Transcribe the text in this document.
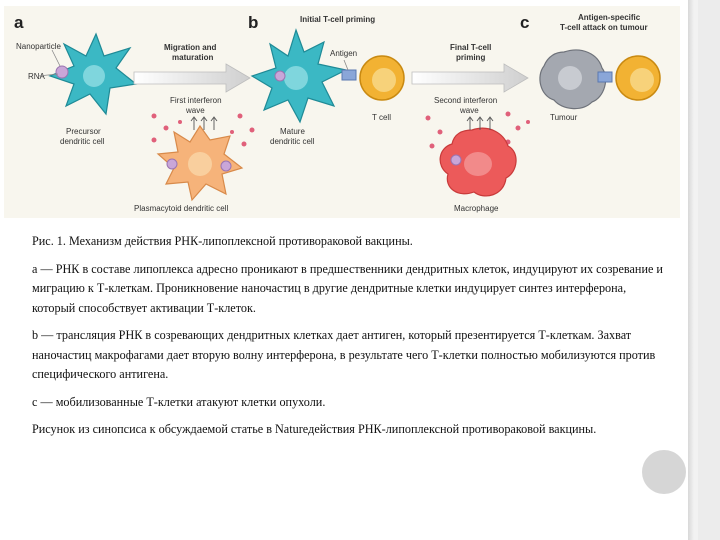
a
Nanoparticle
RNA
Precursor
dendritic cell
Migration and
maturation
First interferon
wave
Plasmacytoid dendritic cell
b	Initial T-cell priming
Antigen
Mature
dendritic cell
T cell
Final T-cell
priming
Second interferon
wave
Macrophage
c	Antigen-specific
T-cell attack on tumour
Tumour

Рис. 1. Механизм действия РНК-липоплексной противораковой вакцины.

a — РНК в составе липоплекса адресно проникают в предшественники дендритных клеток, индуцируют их созревание и миграцию к Т-клеткам. Проникновение наночастиц в другие дендритные клетки индуцирует синтез интерферона, который способствует активации Т-клеток.

b — трансляция РНК в созревающих дендритных клетках дает антиген, который презентируется Т-клеткам. Захват наночастиц макрофагами дает вторую волну интерферона, в результате чего Т-клетки полностью мобилизуются против специфического антигена.

c — мобилизованные Т-клетки атакуют клетки опухоли.

Рисунок из синопсиса к обсуждаемой статье в Natureдействия РНК-липоплексной противораковой вакцины.
